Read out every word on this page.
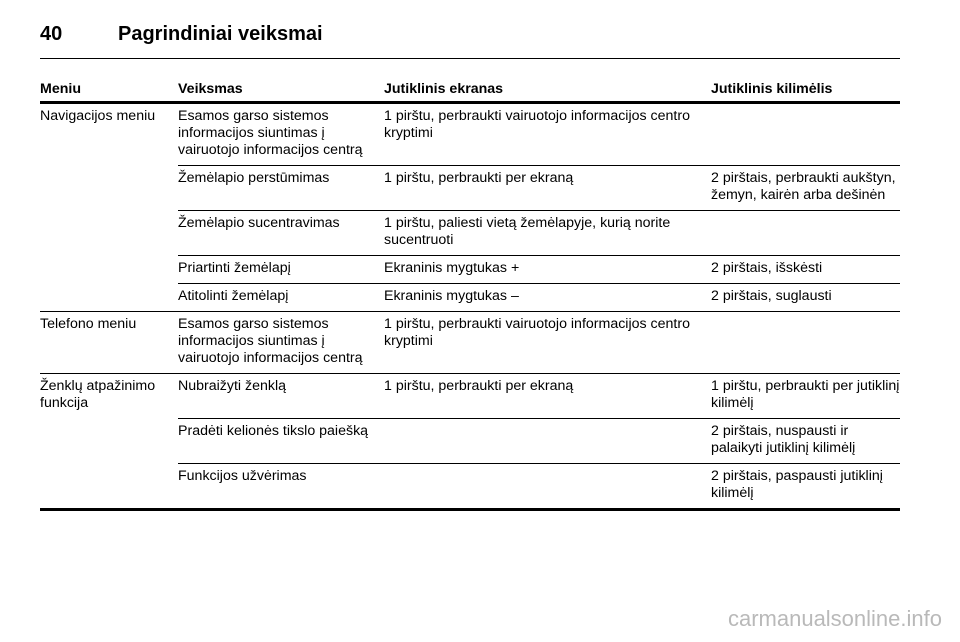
40	Pagrindiniai veiksmai
Meniu	Veiksmas	Jutiklinis ekranas	Jutiklinis kilimėlis
Navigacijos meniu	Esamos garso sistemos informacijos siuntimas į vairuotojo informacijos centrą	1 pirštu, perbraukti vairuotojo informacijos centro kryptimi	
	Žemėlapio perstūmimas	1 pirštu, perbraukti per ekraną	2 pirštais, perbraukti aukštyn, žemyn, kairėn arba dešinėn
	Žemėlapio sucentravimas	1 pirštu, paliesti vietą žemėlapyje, kurią norite sucentruoti	
	Priartinti žemėlapį	Ekraninis mygtukas +	2 pirštais, išskėsti
	Atitolinti žemėlapį	Ekraninis mygtukas –	2 pirštais, suglausti
Telefono meniu	Esamos garso sistemos informacijos siuntimas į vairuotojo informacijos centrą	1 pirštu, perbraukti vairuotojo informacijos centro kryptimi	
Ženklų atpažinimo funkcija	Nubraižyti ženklą	1 pirštu, perbraukti per ekraną	1 pirštu, perbraukti per jutiklinį kilimėlį
	Pradėti kelionės tikslo paiešką		2 pirštais, nuspausti ir palaikyti jutiklinį kilimėlį
	Funkcijos užvėrimas		2 pirštais, paspausti jutiklinį kilimėlį
carmanualsonline.info
